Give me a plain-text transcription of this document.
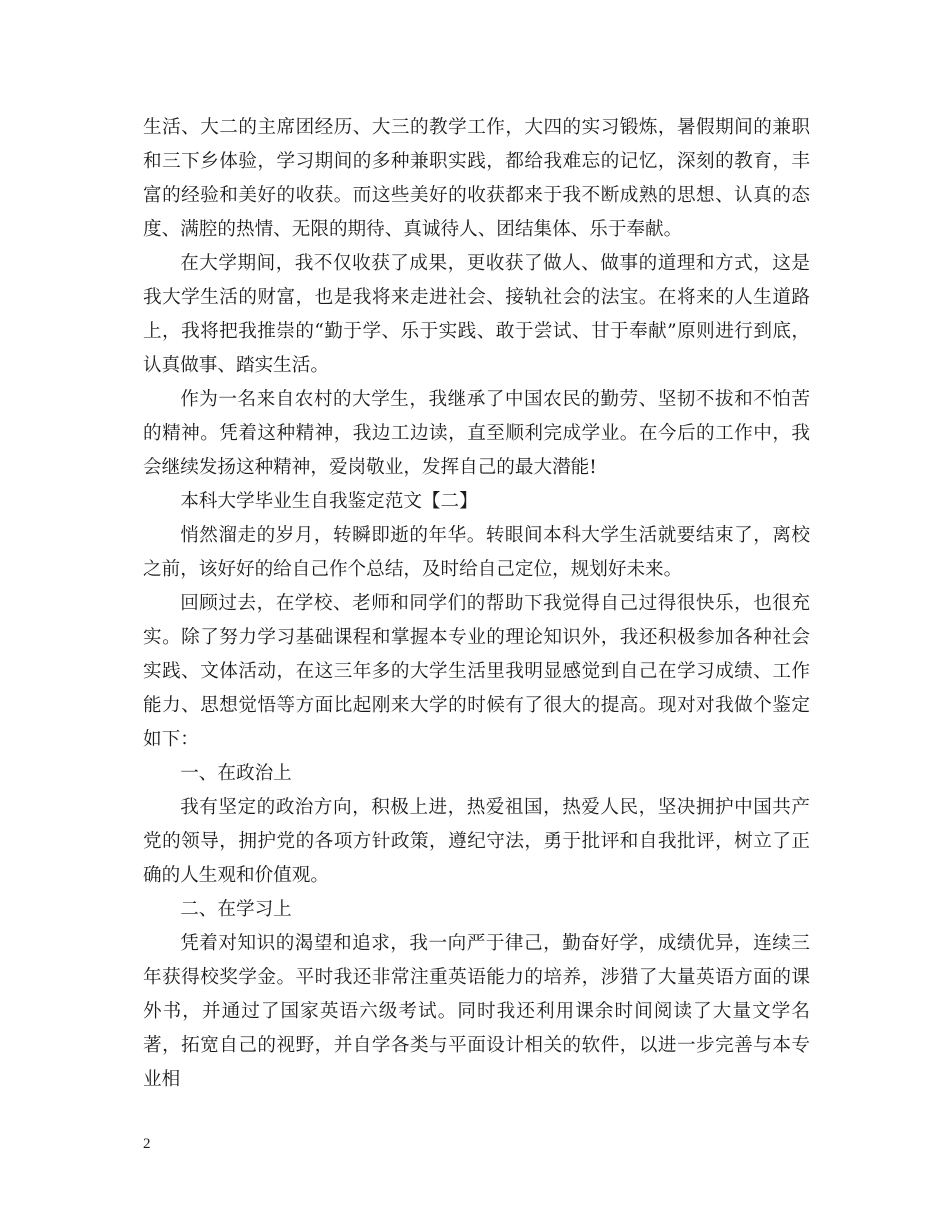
生活、大二的主席团经历、大三的教学工作，大四的实习锻炼，暑假期间的兼职和三下乡体验，学习期间的多种兼职实践，都给我难忘的记忆，深刻的教育，丰富的经验和美好的收获。而这些美好的收获都来于我不断成熟的思想、认真的态度、满腔的热情、无限的期待、真诚待人、团结集体、乐于奉献。

在大学期间，我不仅收获了成果，更收获了做人、做事的道理和方式，这是我大学生活的财富，也是我将来走进社会、接轨社会的法宝。在将来的人生道路上，我将把我推崇的“勤于学、乐于实践、敢于尝试、甘于奉献”原则进行到底，认真做事、踏实生活。

作为一名来自农村的大学生，我继承了中国农民的勤劳、坚韧不拔和不怕苦的精神。凭着这种精神，我边工边读，直至顺利完成学业。在今后的工作中，我会继续发扬这种精神，爱岗敬业，发挥自己的最大潜能!

本科大学毕业生自我鉴定范文【二】

悄然溜走的岁月，转瞬即逝的年华。转眼间本科大学生活就要结束了，离校之前，该好好的给自己作个总结，及时给自己定位，规划好未来。

回顾过去，在学校、老师和同学们的帮助下我觉得自己过得很快乐，也很充实。除了努力学习基础课程和掌握本专业的理论知识外，我还积极参加各种社会实践、文体活动，在这三年多的大学生活里我明显感觉到自己在学习成绩、工作能力、思想觉悟等方面比起刚来大学的时候有了很大的提高。现对对我做个鉴定如下：

一、在政治上

我有坚定的政治方向，积极上进，热爱祖国，热爱人民，坚决拥护中国共产党的领导，拥护党的各项方针政策，遵纪守法，勇于批评和自我批评，树立了正确的人生观和价值观。

二、在学习上

凭着对知识的渴望和追求，我一向严于律己，勤奋好学，成绩优异，连续三年获得校奖学金。平时我还非常注重英语能力的培养，涉猎了大量英语方面的课外书，并通过了国家英语六级考试。同时我还利用课余时间阅读了大量文学名著，拓宽自己的视野，并自学各类与平面设计相关的软件，以进一步完善与本专业相

2
